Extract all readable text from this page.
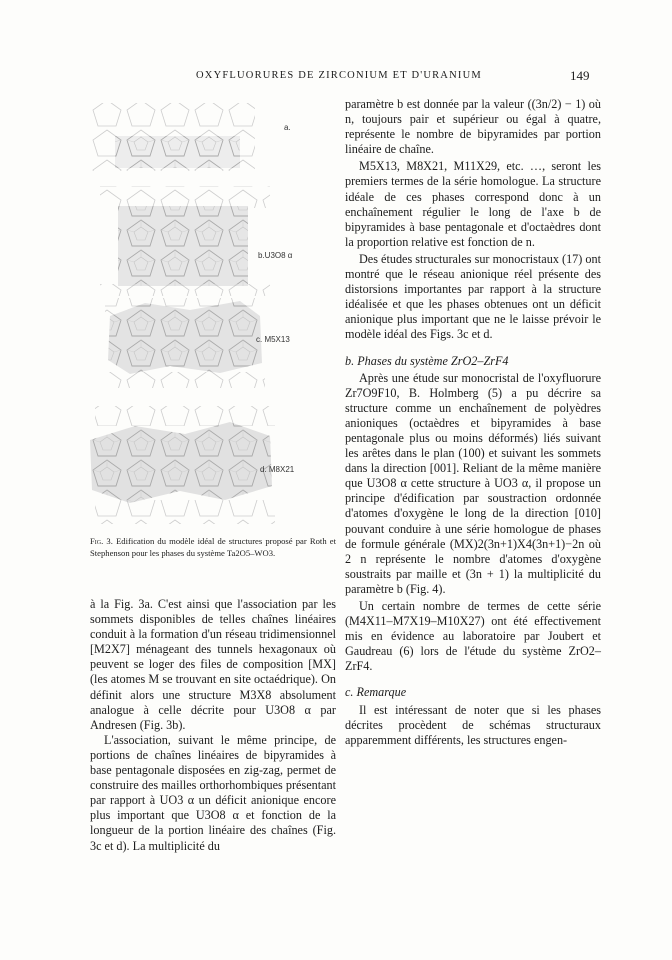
OXYFLUORURES DE ZIRCONIUM ET D'URANIUM	149
a.
b.U3O8 α
c. M5X13
d. M8X21
Fig. 3. Edification du modèle idéal de structures proposé par Roth et Stephenson pour les phases du système Ta2O5–WO3.

à la Fig. 3a. C'est ainsi que l'association par les sommets disponibles de telles chaînes linéaires conduit à la formation d'un réseau tridimensionnel [M2X7] ménageant des tunnels hexagonaux où peuvent se loger des files de composition [MX] (les atomes M se trouvant en site octaédrique). On définit alors une structure M3X8 absolument analogue à celle décrite pour U3O8 α par Andresen (Fig. 3b).

L'association, suivant le même principe, de portions de chaînes linéaires de bipyramides à base pentagonale disposées en zig-zag, permet de construire des mailles orthorhombiques présentant par rapport à UO3 α un déficit anionique encore plus important que U3O8 α et fonction de la longueur de la portion linéaire des chaînes (Fig. 3c et d). La multiplicité du

paramètre b est donnée par la valeur ((3n/2) − 1) où n, toujours pair et supérieur ou égal à quatre, représente le nombre de bipyramides par portion linéaire de chaîne.

M5X13, M8X21, M11X29, etc. …, seront les premiers termes de la série homologue. La structure idéale de ces phases correspond donc à un enchaînement régulier le long de l'axe b de bipyramides à base pentagonale et d'octaèdres dont la proportion relative est fonction de n.

Des études structurales sur monocristaux (17) ont montré que le réseau anionique réel présente des distorsions importantes par rapport à la structure idéalisée et que les phases obtenues ont un déficit anionique plus important que ne le laisse prévoir le modèle idéal des Figs. 3c et d.

b. Phases du système ZrO2–ZrF4

Après une étude sur monocristal de l'oxyfluorure Zr7O9F10, B. Holmberg (5) a pu décrire sa structure comme un enchaînement de polyèdres anioniques (octaèdres et bipyramides à base pentagonale plus ou moins déformés) liés suivant les arêtes dans le plan (100) et suivant les sommets dans la direction [001]. Reliant de la même manière que U3O8 α cette structure à UO3 α, il propose un principe d'édification par soustraction ordonnée d'atomes d'oxygène le long de la direction [010] pouvant conduire à une série homologue de phases de formule générale (MX)2(3n+1)X4(3n+1)−2n où 2 n représente le nombre d'atomes d'oxygène soustraits par maille et (3n + 1) la multiplicité du paramètre b (Fig. 4).

Un certain nombre de termes de cette série (M4X11–M7X19–M10X27) ont été effectivement mis en évidence au laboratoire par Joubert et Gaudreau (6) lors de l'étude du système ZrO2–ZrF4.

c. Remarque

Il est intéressant de noter que si les phases décrites procèdent de schémas structuraux apparemment différents, les structures engen-
